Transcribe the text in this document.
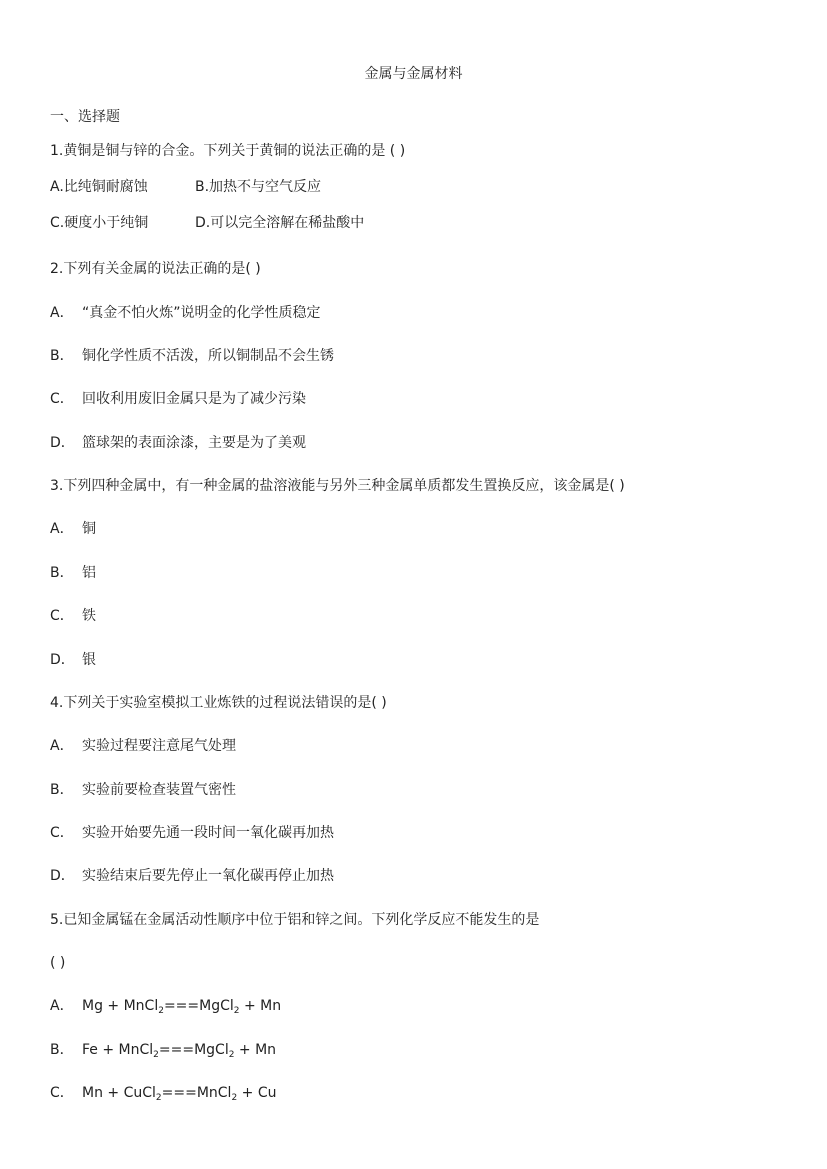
金属与金属材料
一、选择题
1.黄铜是铜与锌的合金。下列关于黄铜的说法正确的是 ( )
A.比纯铜耐腐蚀	B.加热不与空气反应
C.硬度小于纯铜	D.可以完全溶解在稀盐酸中
2.下列有关金属的说法正确的是( )
A． “真金不怕火炼”说明金的化学性质稳定
B． 铜化学性质不活泼，所以铜制品不会生锈
C． 回收利用废旧金属只是为了减少污染
D． 篮球架的表面涂漆，主要是为了美观
3.下列四种金属中，有一种金属的盐溶液能与另外三种金属单质都发生置换反应，该金属是( )
A． 铜
B． 铝
C． 铁
D． 银
4.下列关于实验室模拟工业炼铁的过程说法错误的是( )
A． 实验过程要注意尾气处理
B． 实验前要检查装置气密性
C． 实验开始要先通一段时间一氧化碳再加热
D． 实验结束后要先停止一氧化碳再停止加热
5.已知金属锰在金属活动性顺序中位于铝和锌之间。下列化学反应不能发生的是
( )
A． Mg + MnCl$_2$===MgCl$_2$ + Mn
B． Fe + MnCl$_2$===MgCl$_2$ + Mn
C． Mn + CuCl$_2$===MnCl$_2$ + Cu
